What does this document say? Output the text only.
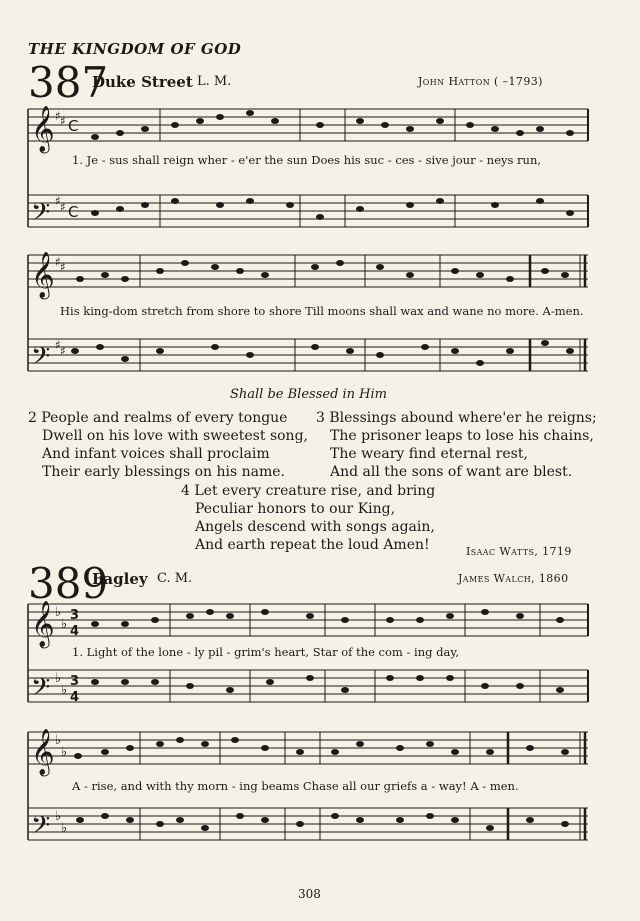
THE KINGDOM OF GOD
387
Duke Street L. M.	John Hatton ( –1793)
𝄞
𝄢
𝄞
𝄢
♯ ♯ C
♯ ♯ C
♯ ♯
♯ ♯
1. Je - sus shall reign wher - e'er the sun Does his suc - ces - sive jour - neys run,
His king-dom stretch from shore to shore Till moons shall wax and wane no more. A-men.
Shall be Blessed in Him
2 People and realms of every tongue
Dwell on his love with sweetest song,
And infant voices shall proclaim
Their early blessings on his name.
3 Blessings abound where'er he reigns;
The prisoner leaps to lose his chains,
The weary find eternal rest,
And all the sons of want are blest.
4 Let every creature rise, and bring
Peculiar honors to our King,
Angels descend with songs again,
And earth repeat the loud Amen!	Isaac Watts, 1719
389
Eagley C. M.	James Walch, 1860
𝄞
𝄢
𝄞
𝄢
♭
♭
3
4
♭
♭
3
4
♭
♭
♭
♭
1. Light of the lone - ly pil - grim's heart, Star of the com - ing day,
A - rise, and with thy morn - ing beams Chase all our griefs a - way! A - men.
308
